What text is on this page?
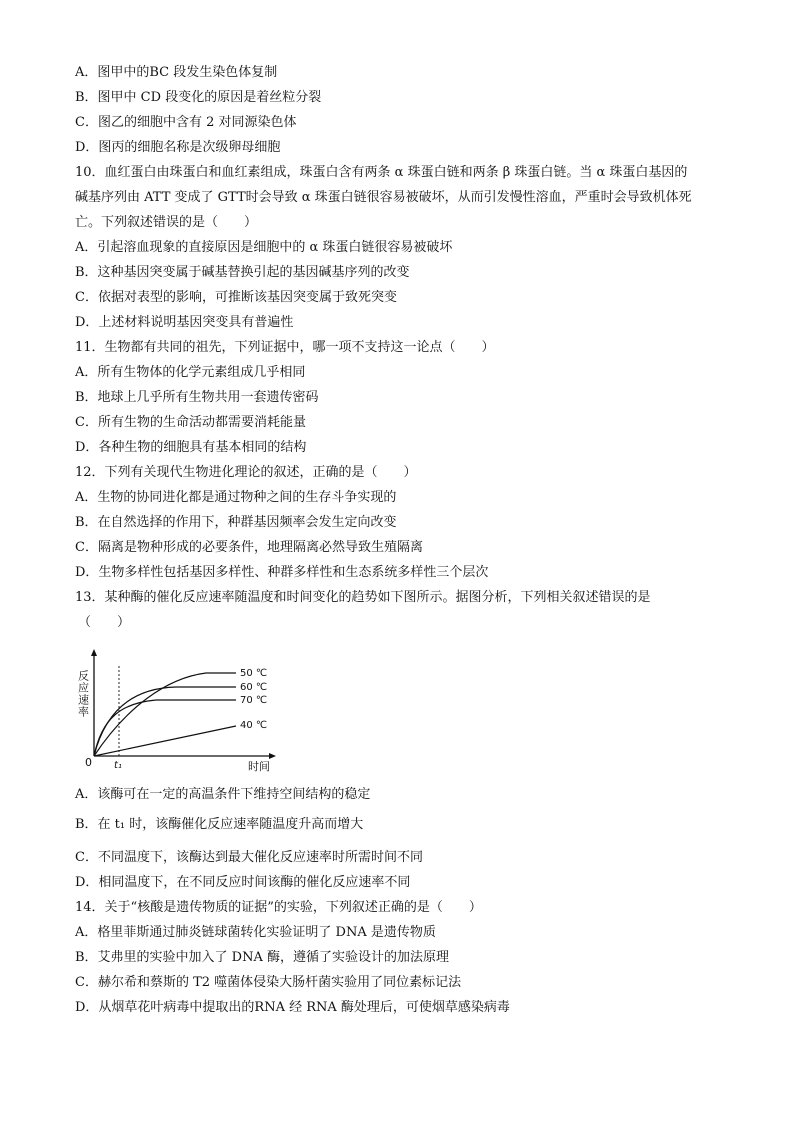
A．图甲中的BC 段发生染色体复制
B．图甲中 CD 段变化的原因是着丝粒分裂
C．图乙的细胞中含有 2 对同源染色体
D．图丙的细胞名称是次级卵母细胞
10．血红蛋白由珠蛋白和血红素组成，珠蛋白含有两条 α 珠蛋白链和两条 β 珠蛋白链。当 α 珠蛋白基因的
碱基序列由 ATT 变成了 GTT时会导致 α 珠蛋白链很容易被破坏，从而引发慢性溶血，严重时会导致机体死
亡。下列叙述错误的是（　　）
A．引起溶血现象的直接原因是细胞中的 α 珠蛋白链很容易被破坏
B．这种基因突变属于碱基替换引起的基因碱基序列的改变
C．依据对表型的影响，可推断该基因突变属于致死突变
D．上述材料说明基因突变具有普遍性
11．生物都有共同的祖先，下列证据中，哪一项不支持这一论点（　　）
A．所有生物体的化学元素组成几乎相同
B．地球上几乎所有生物共用一套遗传密码
C．所有生物的生命活动都需要消耗能量
D．各种生物的细胞具有基本相同的结构
12．下列有关现代生物进化理论的叙述，正确的是（　　）
A．生物的协同进化都是通过物种之间的生存斗争实现的
B．在自然选择的作用下，种群基因频率会发生定向改变
C．隔离是物种形成的必要条件，地理隔离必然导致生殖隔离
D．生物多样性包括基因多样性、种群多样性和生态系统多样性三个层次
13．某种酶的催化反应速率随温度和时间变化的趋势如下图所示。据图分析，下列相关叙述错误的是
（　　）
50 ℃
60 ℃
70 ℃
40 ℃
反应速率
时间
0 t₁
A．该酶可在一定的高温条件下维持空间结构的稳定
B．在 t₁ 时，该酶催化反应速率随温度升高而增大
C．不同温度下，该酶达到最大催化反应速率时所需时间不同
D．相同温度下，在不同反应时间该酶的催化反应速率不同
14．关于“核酸是遗传物质的证据”的实验，下列叙述正确的是（　　）
A．格里菲斯通过肺炎链球菌转化实验证明了 DNA 是遗传物质
B．艾弗里的实验中加入了 DNA 酶，遵循了实验设计的加法原理
C．赫尔希和蔡斯的 T2 噬菌体侵染大肠杆菌实验用了同位素标记法
D．从烟草花叶病毒中提取出的RNA 经 RNA 酶处理后，可使烟草感染病毒
